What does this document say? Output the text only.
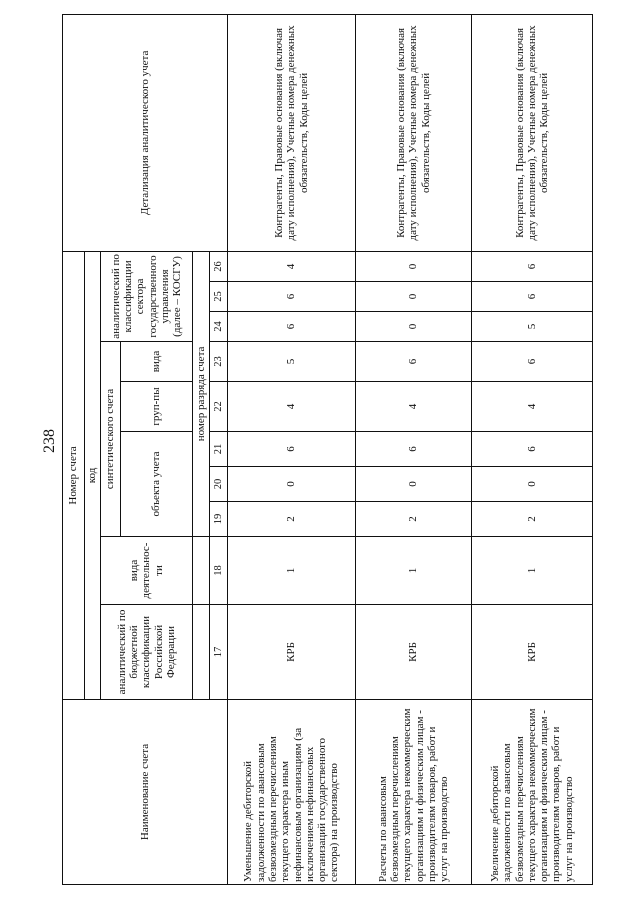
238
Наименование счета	Номер счета										Детализация аналитического учета
	код										
	аналитический по бюджетной классификации Российской Федерации	вида деятельнос-ти	синтетического счета					аналитический по классификации сектора государственного управления (далее – КОСГУ)			
			объекта учета			груп-пы	вида				
			номер разряда счета								
	17	18	19	20	21	22	23	24	25	26	
Уменьшение дебиторской задолженности по авансовым безвозмездным перечислениям текущего характера иным нефинансовым организациям (за исключением нефинансовых организаций государственного сектора) на производство	КРБ	1	2	0	6	4	5	6	6	4	Контрагенты, Правовые основания (включая дату исполнения), Учетные номера денежных обязательств, Коды целей
Расчеты по авансовым безвозмездным перечислениям текущего характера некоммерческим организациям и физическим лицам - производителям товаров, работ и услуг на производство	КРБ	1	2	0	6	4	6	0	0	0	Контрагенты, Правовые основания (включая дату исполнения), Учетные номера денежных обязательств, Коды целей
Увеличение дебиторской задолженности по авансовым безвозмездным перечислениям текущего характера некоммерческим организациям и физическим лицам - производителям товаров, работ и услуг на производство	КРБ	1	2	0	6	4	6	5	6	6	Контрагенты, Правовые основания (включая дату исполнения), Учетные номера денежных обязательств, Коды целей
